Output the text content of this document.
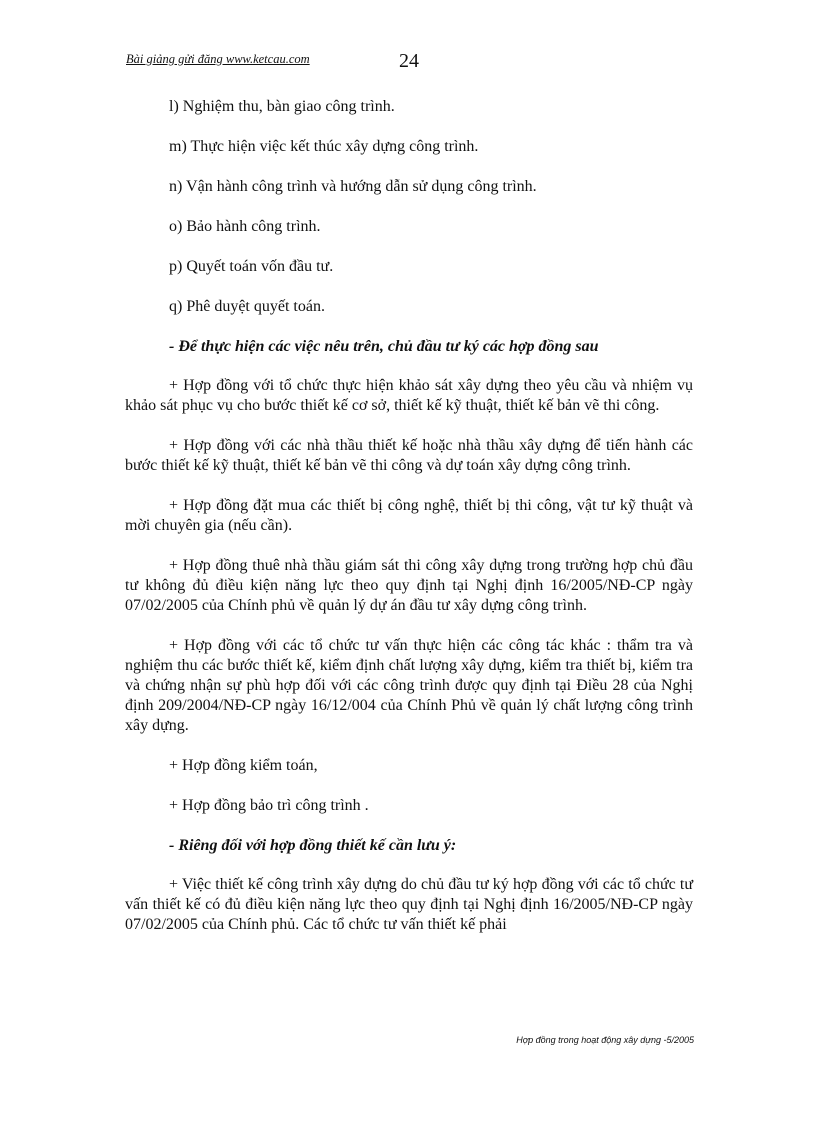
Bài giảng gửi đăng www.ketcau.com	24

l) Nghiệm thu, bàn giao công trình.

m) Thực hiện việc kết thúc xây dựng công trình.

n) Vận hành công trình và hướng dẫn sử dụng công trình.

o) Bảo hành công trình.

p) Quyết toán vốn đầu tư.

q) Phê duyệt quyết toán.

- Để thực hiện các việc nêu trên, chủ đầu tư ký các hợp đồng sau

+ Hợp đồng với tổ chức thực hiện khảo sát xây dựng theo yêu cầu và nhiệm vụ khảo sát phục vụ cho bước thiết kế cơ sở, thiết kế kỹ thuật, thiết kế bản vẽ thi công.

+ Hợp đồng với các nhà thầu thiết kế hoặc nhà thầu xây dựng để tiến hành các bước thiết kế kỹ thuật, thiết kế bản vẽ thi công và dự toán xây dựng công trình.

+ Hợp đồng đặt mua các thiết bị công nghệ, thiết bị thi công, vật tư kỹ thuật và mời chuyên gia (nếu cần).

+ Hợp đồng thuê nhà thầu giám sát thi công xây dựng trong trường hợp chủ đầu tư không đủ điều kiện năng lực theo quy định tại Nghị định 16/2005/NĐ-CP ngày 07/02/2005 của Chính phủ về quản lý dự án đầu tư xây dựng công trình.

+ Hợp đồng với các tổ chức tư vấn thực hiện các công tác khác : thẩm tra và nghiệm thu các bước thiết kế, kiểm định chất lượng xây dựng, kiểm tra thiết bị, kiểm tra và chứng nhận sự phù hợp đối với các công trình được quy định tại Điều 28 của Nghị định 209/2004/NĐ-CP ngày 16/12/004 của Chính Phủ về quản lý chất lượng công trình xây dựng.

+ Hợp đồng kiểm toán,

+ Hợp đồng bảo trì công trình .

- Riêng đối với hợp đồng thiết kế cần lưu ý:

+ Việc thiết kế công trình xây dựng do chủ đầu tư ký hợp đồng với các tổ chức tư vấn thiết kế có đủ điều kiện năng lực theo quy định tại Nghị định 16/2005/NĐ-CP ngày 07/02/2005 của Chính phủ. Các tổ chức tư vấn thiết kế phải

Hợp đồng trong hoạt động xây dựng -5/2005
